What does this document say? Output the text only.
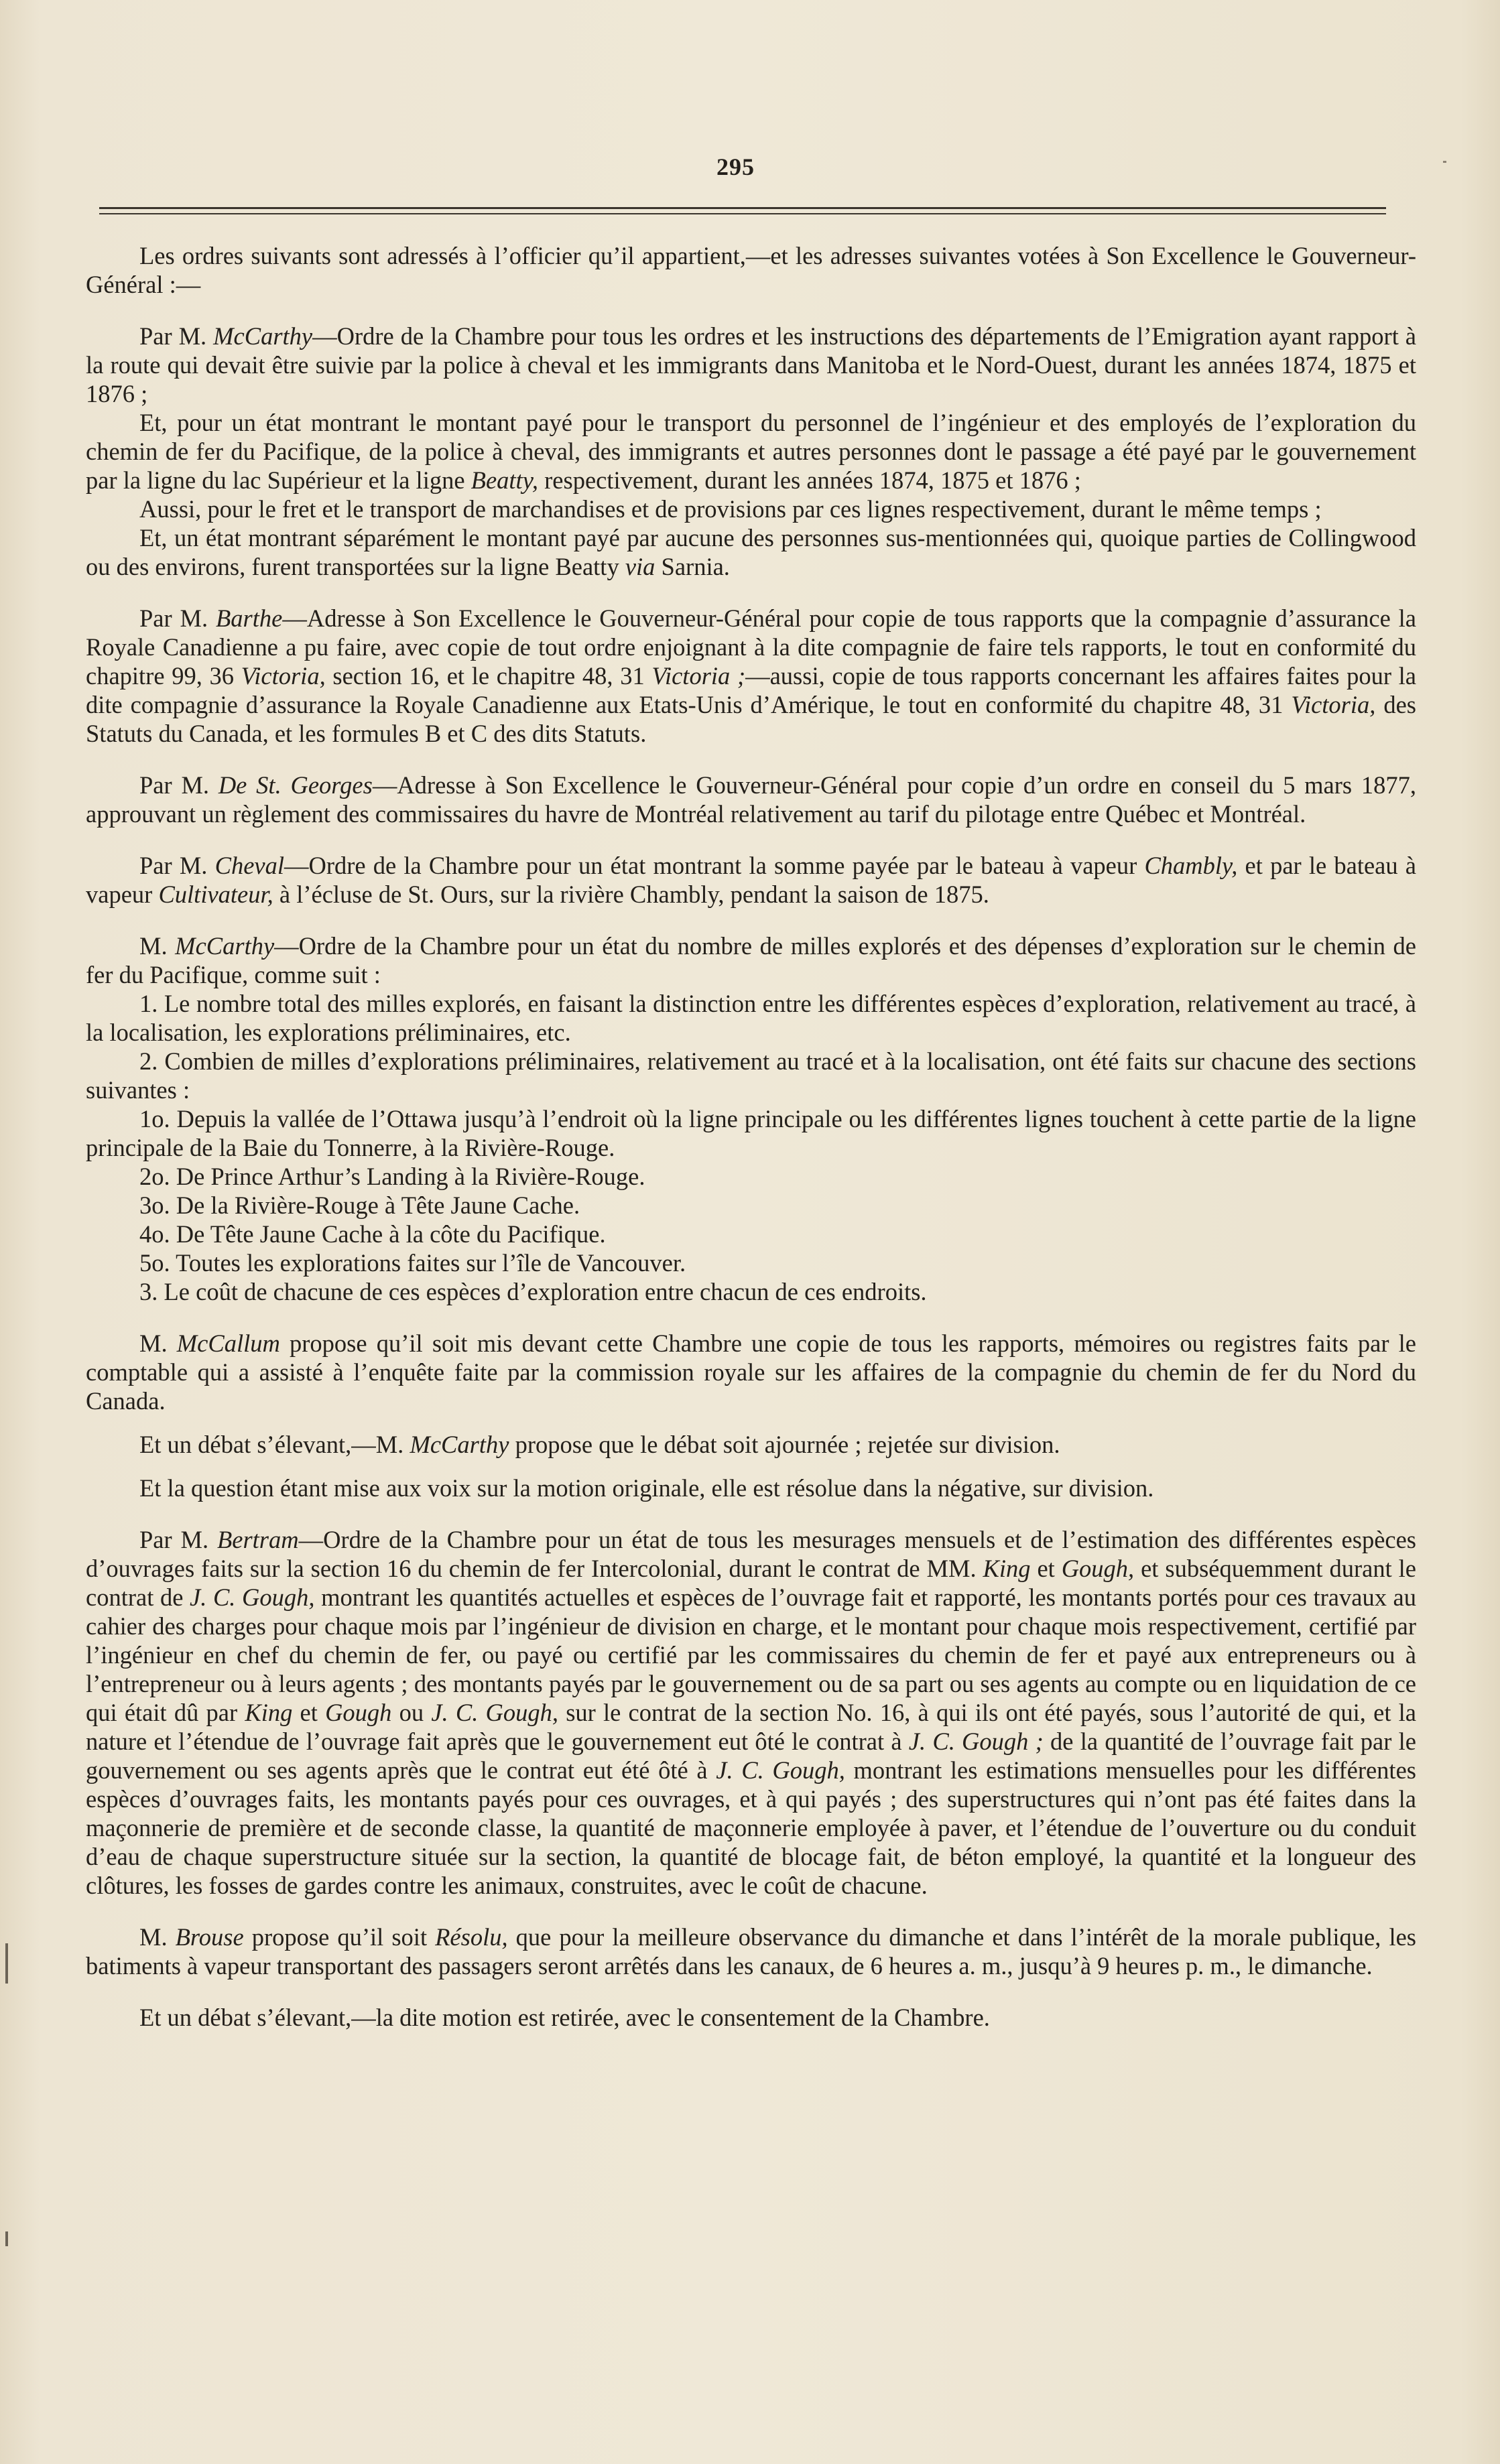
295

Les ordres suivants sont adressés à l’officier qu’il appartient,—et les adresses suivantes votées à Son Excellence le Gouverneur-Général :—

Par M. McCarthy—Ordre de la Chambre pour tous les ordres et les instructions des départements de l’Emigration ayant rapport à la route qui devait être suivie par la police à cheval et les immigrants dans Manitoba et le Nord-Ouest, durant les années 1874, 1875 et 1876 ;

Et, pour un état montrant le montant payé pour le transport du personnel de l’ingénieur et des employés de l’exploration du chemin de fer du Pacifique, de la police à cheval, des immigrants et autres personnes dont le passage a été payé par le gouvernement par la ligne du lac Supérieur et la ligne Beatty, respectivement, durant les années 1874, 1875 et 1876 ;

Aussi, pour le fret et le transport de marchandises et de provisions par ces lignes respectivement, durant le même temps ;

Et, un état montrant séparément le montant payé par aucune des personnes sus-mentionnées qui, quoique parties de Collingwood ou des environs, furent transportées sur la ligne Beatty via Sarnia.

Par M. Barthe—Adresse à Son Excellence le Gouverneur-Général pour copie de tous rapports que la compagnie d’assurance la Royale Canadienne a pu faire, avec copie de tout ordre enjoignant à la dite compagnie de faire tels rapports, le tout en conformité du chapitre 99, 36 Victoria, section 16, et le chapitre 48, 31 Victoria ;—aussi, copie de tous rapports concernant les affaires faites pour la dite compagnie d’assurance la Royale Canadienne aux Etats-Unis d’Amérique, le tout en conformité du chapitre 48, 31 Victoria, des Statuts du Canada, et les formules B et C des dits Statuts.

Par M. De St. Georges—Adresse à Son Excellence le Gouverneur-Général pour copie d’un ordre en conseil du 5 mars 1877, approuvant un règlement des commissaires du havre de Montréal relativement au tarif du pilotage entre Québec et Montréal.

Par M. Cheval—Ordre de la Chambre pour un état montrant la somme payée par le bateau à vapeur Chambly, et par le bateau à vapeur Cultivateur, à l’écluse de St. Ours, sur la rivière Chambly, pendant la saison de 1875.

M. McCarthy—Ordre de la Chambre pour un état du nombre de milles explorés et des dépenses d’exploration sur le chemin de fer du Pacifique, comme suit :

1. Le nombre total des milles explorés, en faisant la distinction entre les différentes espèces d’exploration, relativement au tracé, à la localisation, les explorations préliminaires, etc.

2. Combien de milles d’explorations préliminaires, relativement au tracé et à la localisation, ont été faits sur chacune des sections suivantes :

1o. Depuis la vallée de l’Ottawa jusqu’à l’endroit où la ligne principale ou les différentes lignes touchent à cette partie de la ligne principale de la Baie du Tonnerre, à la Rivière-Rouge.

2o. De Prince Arthur’s Landing à la Rivière-Rouge.

3o. De la Rivière-Rouge à Tête Jaune Cache.

4o. De Tête Jaune Cache à la côte du Pacifique.

5o. Toutes les explorations faites sur l’île de Vancouver.

3. Le coût de chacune de ces espèces d’exploration entre chacun de ces endroits.

M. McCallum propose qu’il soit mis devant cette Chambre une copie de tous les rapports, mémoires ou registres faits par le comptable qui a assisté à l’enquête faite par la commission royale sur les affaires de la compagnie du chemin de fer du Nord du Canada.

Et un débat s’élevant,—M. McCarthy propose que le débat soit ajournée ; rejetée sur division.

Et la question étant mise aux voix sur la motion originale, elle est résolue dans la négative, sur division.

Par M. Bertram—Ordre de la Chambre pour un état de tous les mesurages mensuels et de l’estimation des différentes espèces d’ouvrages faits sur la section 16 du chemin de fer Intercolonial, durant le contrat de MM. King et Gough, et subséquemment durant le contrat de J. C. Gough, montrant les quantités actuelles et espèces de l’ouvrage fait et rapporté, les montants portés pour ces travaux au cahier des charges pour chaque mois par l’ingénieur de division en charge, et le montant pour chaque mois respectivement, certifié par l’ingénieur en chef du chemin de fer, ou payé ou certifié par les commissaires du chemin de fer et payé aux entrepreneurs ou à l’entrepreneur ou à leurs agents ; des montants payés par le gouvernement ou de sa part ou ses agents au compte ou en liquidation de ce qui était dû par King et Gough ou J. C. Gough, sur le contrat de la section No. 16, à qui ils ont été payés, sous l’autorité de qui, et la nature et l’étendue de l’ouvrage fait après que le gouvernement eut ôté le contrat à J. C. Gough ; de la quantité de l’ouvrage fait par le gouvernement ou ses agents après que le contrat eut été ôté à J. C. Gough, montrant les estimations mensuelles pour les différentes espèces d’ouvrages faits, les montants payés pour ces ouvrages, et à qui payés ; des superstructures qui n’ont pas été faites dans la maçonnerie de première et de seconde classe, la quantité de maçonnerie employée à paver, et l’étendue de l’ouverture ou du conduit d’eau de chaque superstructure située sur la section, la quantité de blocage fait, de béton employé, la quantité et la longueur des clôtures, les fosses de gardes contre les animaux, construites, avec le coût de chacune.

M. Brouse propose qu’il soit Résolu, que pour la meilleure observance du dimanche et dans l’intérêt de la morale publique, les batiments à vapeur transportant des passagers seront arrêtés dans les canaux, de 6 heures a. m., jusqu’à 9 heures p. m., le dimanche.

Et un débat s’élevant,—la dite motion est retirée, avec le consentement de la Chambre.
